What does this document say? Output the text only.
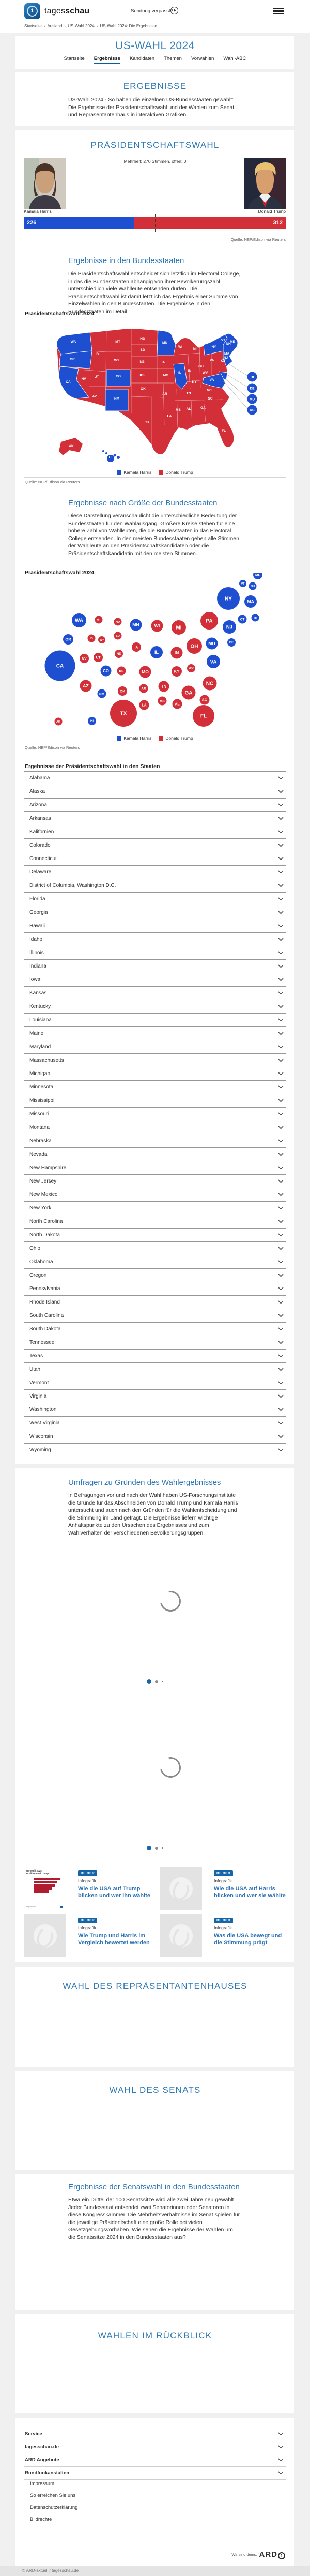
1	tagesschau	Sendung verpasst?
Startseite › Ausland › US-Wahl 2024 › US-Wahl 2024: Die Ergebnisse
US-WAHL 2024
Startseite Ergebnisse Kandidaten Themen Vorwahlen Wahl-ABC
ERGEBNISSE

US-Wahl 2024 - So haben die einzelnen US-Bundesstaaten gewählt: Die Ergebnisse der Präsidentschaftswahl und der Wahlen zum Senat und Repräsentantenhaus in interaktiven Grafiken.

PRÄSIDENTSCHAFTSWAHL
Mehrheit: 270 Stimmen, offen: 0
Kamala Harris	Donald Trump
226	312
Quelle: NEP/Edison via Reuters
Ergebnisse in den Bundesstaaten

Die Präsidentschaftswahl entscheidet sich letztlich im Electoral College, in das die Bundesstaaten abhängig von ihrer Bevölkerungszahl unterschiedlich viele Wahlleute entsenden dürfen. Die Präsidentschaftswahl ist damit letztlich das Ergebnis einer Summe von Einzelwahlen in den Bundesstaaten. Die Ergebnisse in den Bundesstaaten im Detail.

Präsidentschaftswahl 2024
RI
DE
MD
DC
NV
ID
MT
WY
UT
AZ
ND
SD
NE
KS
OK
TX
IA
MO
AR
LA
WI
MI
IN
OH
KY
TN
MS AL	GA
FL
SC
NC
WV
PA
AK
WA
OR
CA
CO
NM
MN
IL
NY
VA
NJ
VT
NH
ME
MA
CT
HI
Kamala Harris	Donald Trump
Quelle: NEP/Edison via Reuters
Ergebnisse nach Größe der Bundesstaaten

Diese Darstellung veranschaulicht die unterschiedliche Bedeutung der Bundesstaaten für den Wahlausgang. Größere Kreise stehen für eine höhere Zahl von Wahlleuten, die die Bundesstaaten in das Electoral College entsenden. In den meisten Bundesstaaten gehen alle Stimmen der Wahlleute an den Präsidentschaftskandidaten oder die Präsidentschaftskandidatin mit den meisten Stimmen.

Präsidentschaftswahl 2024	ME
NH
VT
NY	MA
RI
CT
PA
NJ
WA	MT
ND
MN	WI	MI
OR	ID WY
SD
IA	OH
MD	DE
NE	IL	IN
NV	UT
CA
CO	KS	MO	KY
WV
VA
AZ
NM
OK
AR	TN	NC
GA
SC
AL
MS
LA
TX	FL
AK	HI
Kamala Harris	Donald Trump
Quelle: NEP/Edison via Reuters
Ergebnisse der Präsidentschaftswahl in den Staaten
Alabama
Alaska
Arizona
Arkansas
Kalifornien
Colorado
Connecticut
Delaware
District of Columbia, Washington D.C.
Florida
Georgia
Hawaii
Idaho
Illinois
Indiana
Iowa
Kansas
Kentucky
Louisiana
Maine
Maryland
Massachusetts
Michigan
Minnesota
Mississippi
Missouri
Montana
Nebraska
Nevada
New Hampshire
New Jersey
New Mexico
New York
North Carolina
North Dakota
Ohio
Oklahoma
Oregon
Pennsylvania
Rhode Island
South Carolina
South Dakota
Tennessee
Texas
Utah
Vermont
Virginia
Washington
West Virginia
Wisconsin
Wyoming
Umfragen zu Gründen des Wahlergebnisses

In Befragungen vor und nach der Wahl haben US-Forschungsinstitute die Gründe für das Abschneiden von Donald Trump und Kamala Harris untersucht und auch nach den Gründen für die Wahlentscheidung und die Stimmung im Land gefragt. Die Ergebnisse liefern wichtige Anhaltspunkte zu den Ursachen des Ergebnisses und zum Wahlverhalten der verschiedenen Bevölkerungsgruppen.

US-Wahl 2024
Profil Donald Trump
tagesschau
BILDER
Infografik
Wie die USA auf Trump blicken und wer ihn wählte
BILDER
Infografik
Wie die USA auf Harris blicken und wer sie wählte
BILDER
Infografik
Wie Trump und Harris im Vergleich bewertet werden
BILDER
Infografik
Was die USA bewegt und die Stimmung prägt
WAHL DES REPRÄSENTANTENHAUSES
WAHL DES SENATS
Ergebnisse der Senatswahl in den Bundesstaaten

Etwa ein Drittel der 100 Senatssitze wird alle zwei Jahre neu gewählt. Jeder Bundesstaat entsendet zwei Senatorinnen oder Senatoren in diese Kongresskammer. Die Mehrheitsverhältnisse im Senat spielen für die jeweilige Präsidentschaft eine große Rolle bei vielen Gesetzgebungsvorhaben. Wie sehen die Ergebnisse der Wahlen um die Senatssitze 2024 in den Bundesstaaten aus?

WAHLEN IM RÜCKBLICK
Service
tagesschau.de
ARD Angebote
Rundfunkanstalten
Impressum
So erreichen Sie uns
Datenschutzerklärung
Bildrechte
Wir sind deins. ARD 1
© ARD-aktuell / tagesschau.de
